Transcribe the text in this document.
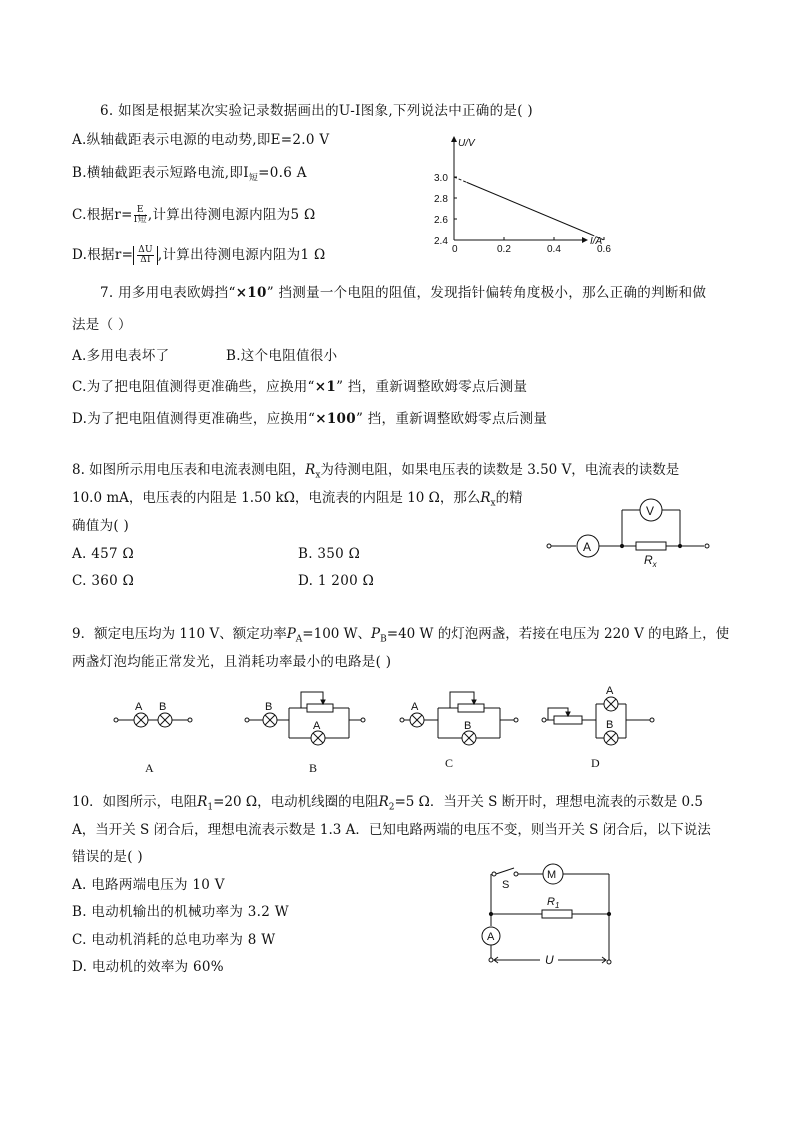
6. 如图是根据某次实验记录数据画出的U-I图象,下列说法中正确的是( )
A.纵轴截距表示电源的电动势,即E=2.0 V
B.横轴截距表示短路电流,即$I_短=0.6$ A
C.根据$r= \frac{E}{\text{I短}}$ ,计算出待测电源内阻为5 Ω
D.根据$r= \frac{\Delta U}{\Delta I}$ ,计算出待测电源内阻为1 Ω
U/V
I/A
0	0.2	0.4	0.6
3.0
2.8
2.6
2.4
7. 用多用电表欧姆挡“×10” 挡测量一个电阻的阻值，发现指针偏转角度极小，那么正确的判断和做
法是（ ）
A.多用电表坏了	B.这个电阻值很小
C.为了把电阻值测得更准确些，应换用“×1” 挡，重新调整欧姆零点后测量
D.为了把电阻值测得更准确些，应换用“×100” 挡，重新调整欧姆零点后测量
8. 如图所示用电压表和电流表测电阻，$R_x$为待测电阻，如果电压表的读数是 3.50 V，电流表的读数是
10.0 mA，电压表的内阻是 1.50 kΩ，电流表的内阻是 10 Ω，那么$R_x$的精
确值为( )
A. 457 Ω	B. 350 Ω
C. 360 Ω	D. 1 200 Ω
A
V
$R_x$
9．额定电压均为 110 V、额定功率$P_A=100$ W、$P_B=40$ W 的灯泡两盏，若接在电压为 220 V 的电路上，使
两盏灯泡均能正常发光，且消耗功率最小的电路是( )
A B	B
A
A
B
A
B
A	B	C	D
10．如图所示，电阻$R_1=20$ Ω，电动机线圈的电阻$R_2=5$ Ω．当开关 S 断开时，理想电流表的示数是 0.5
A，当开关 S 闭合后，理想电流表示数是 1.3 A．已知电路两端的电压不变，则当开关 S 闭合后，以下说法
错误的是( )
A. 电路两端电压为 10 V
B. 电动机输出的机械功率为 3.2 W
C. 电动机消耗的总电功率为 8 W
D. 电动机的效率为 60%
S
M
$R_1$
A
U
